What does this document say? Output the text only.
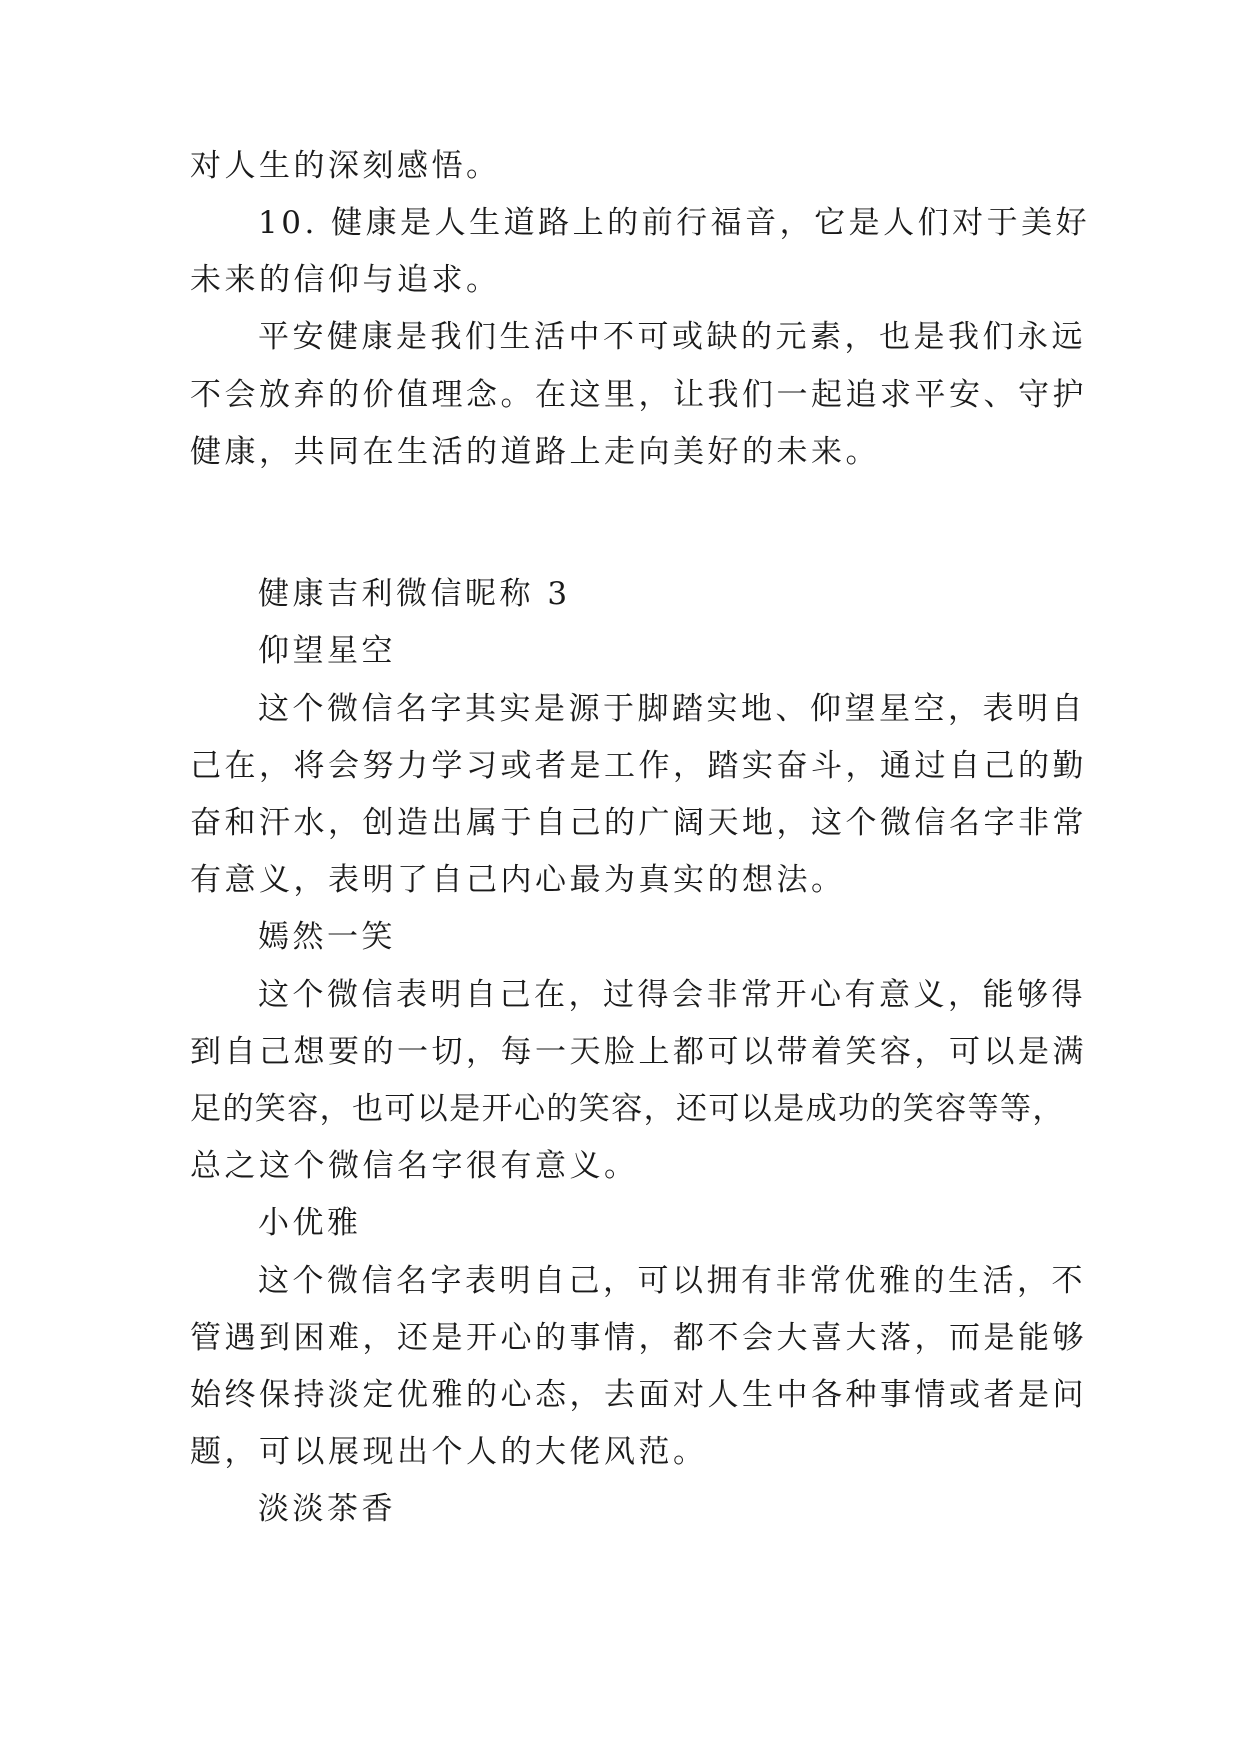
对人生的深刻感悟。

10. 健康是人生道路上的前行福音，它是人们对于美好

未来的信仰与追求。

平安健康是我们生活中不可或缺的元素，也是我们永远

不会放弃的价值理念。在这里，让我们一起追求平安、守护

健康，共同在生活的道路上走向美好的未来。

健康吉利微信昵称 3

仰望星空

这个微信名字其实是源于脚踏实地、仰望星空，表明自

己在，将会努力学习或者是工作，踏实奋斗，通过自己的勤

奋和汗水，创造出属于自己的广阔天地，这个微信名字非常

有意义，表明了自己内心最为真实的想法。

嫣然一笑

这个微信表明自己在，过得会非常开心有意义，能够得

到自己想要的一切，每一天脸上都可以带着笑容，可以是满

足的笑容，也可以是开心的笑容，还可以是成功的笑容等等，

总之这个微信名字很有意义。

小优雅

这个微信名字表明自己，可以拥有非常优雅的生活，不

管遇到困难，还是开心的事情，都不会大喜大落，而是能够

始终保持淡定优雅的心态，去面对人生中各种事情或者是问

题，可以展现出个人的大佬风范。

淡淡茶香
